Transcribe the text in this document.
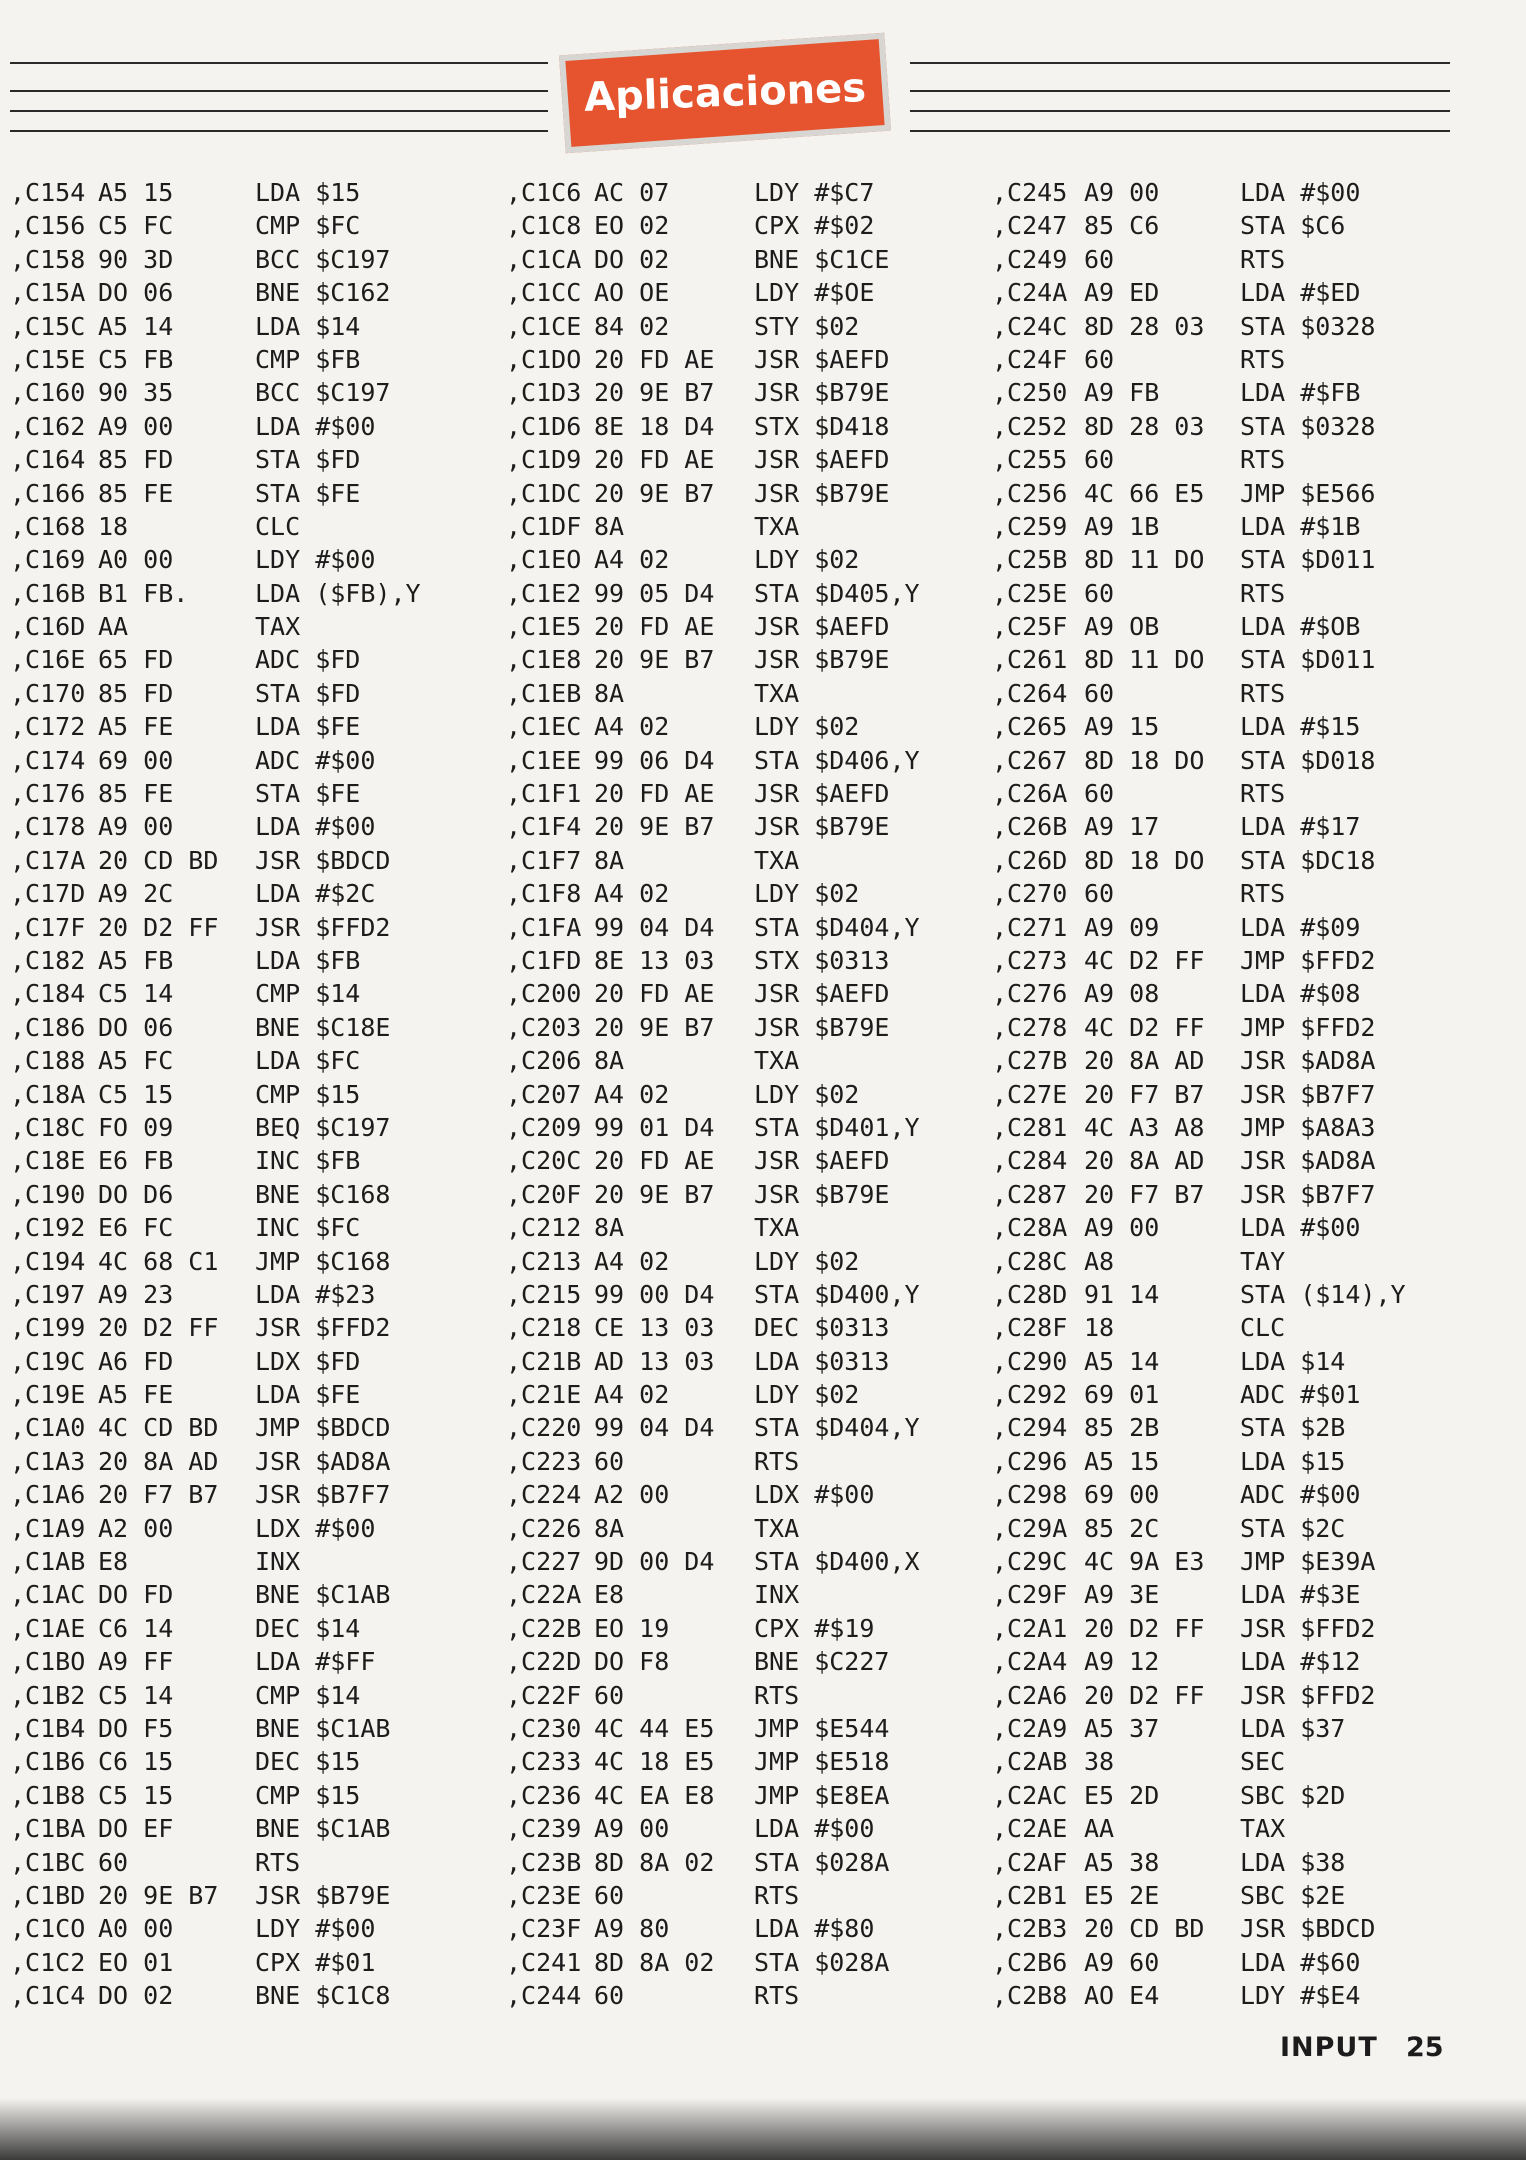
Aplicaciones
,C154 A5 15	LDA $15
,C156 C5 FC	CMP $FC
,C158 90 3D	BCC $C197
,C15A DO 06	BNE $C162
,C15C A5 14	LDA $14
,C15E C5 FB	CMP $FB
,C160 90 35	BCC $C197
,C162 A9 00	LDA #$00
,C164 85 FD	STA $FD
,C166 85 FE	STA $FE
,C168 18	CLC
,C169 A0 00	LDY #$00
,C16B B1 FB.	LDA ($FB),Y
,C16D AA	TAX
,C16E 65 FD	ADC $FD
,C170 85 FD	STA $FD
,C172 A5 FE	LDA $FE
,C174 69 00	ADC #$00
,C176 85 FE	STA $FE
,C178 A9 00	LDA #$00
,C17A 20 CD BD JSR $BDCD
,C17D A9 2C	LDA #$2C
,C17F 20 D2 FF JSR $FFD2
,C182 A5 FB	LDA $FB
,C184 C5 14	CMP $14
,C186 DO 06	BNE $C18E
,C188 A5 FC	LDA $FC
,C18A C5 15	CMP $15
,C18C FO 09	BEQ $C197
,C18E E6 FB	INC $FB
,C190 DO D6	BNE $C168
,C192 E6 FC	INC $FC
,C194 4C 68 C1 JMP $C168
,C197 A9 23	LDA #$23
,C199 20 D2 FF JSR $FFD2
,C19C A6 FD	LDX $FD
,C19E A5 FE	LDA $FE
,C1A0 4C CD BD JMP $BDCD
,C1A3 20 8A AD JSR $AD8A
,C1A6 20 F7 B7 JSR $B7F7
,C1A9 A2 00	LDX #$00
,C1AB E8	INX
,C1AC DO FD	BNE $C1AB
,C1AE C6 14	DEC $14
,C1BO A9 FF	LDA #$FF
,C1B2 C5 14	CMP $14
,C1B4 DO F5	BNE $C1AB
,C1B6 C6 15	DEC $15
,C1B8 C5 15	CMP $15
,C1BA DO EF	BNE $C1AB
,C1BC 60	RTS
,C1BD 20 9E B7 JSR $B79E
,C1CO A0 00	LDY #$00
,C1C2 EO 01	CPX #$01
,C1C4 DO 02	BNE $C1C8
,C1C6 AC 07	LDY #$C7
,C1C8 EO 02	CPX #$02
,C1CA DO 02	BNE $C1CE
,C1CC AO OE	LDY #$OE
,C1CE 84 02	STY $02
,C1DO 20 FD AE JSR $AEFD
,C1D3 20 9E B7 JSR $B79E
,C1D6 8E 18 D4 STX $D418
,C1D9 20 FD AE JSR $AEFD
,C1DC 20 9E B7 JSR $B79E
,C1DF 8A	TXA
,C1EO A4 02	LDY $02
,C1E2 99 05 D4 STA $D405,Y
,C1E5 20 FD AE JSR $AEFD
,C1E8 20 9E B7 JSR $B79E
,C1EB 8A	TXA
,C1EC A4 02	LDY $02
,C1EE 99 06 D4 STA $D406,Y
,C1F1 20 FD AE JSR $AEFD
,C1F4 20 9E B7 JSR $B79E
,C1F7 8A	TXA
,C1F8 A4 02	LDY $02
,C1FA 99 04 D4 STA $D404,Y
,C1FD 8E 13 03 STX $0313
,C200 20 FD AE JSR $AEFD
,C203 20 9E B7 JSR $B79E
,C206 8A	TXA
,C207 A4 02	LDY $02
,C209 99 01 D4 STA $D401,Y
,C20C 20 FD AE JSR $AEFD
,C20F 20 9E B7 JSR $B79E
,C212 8A	TXA
,C213 A4 02	LDY $02
,C215 99 00 D4 STA $D400,Y
,C218 CE 13 03 DEC $0313
,C21B AD 13 03 LDA $0313
,C21E A4 02	LDY $02
,C220 99 04 D4 STA $D404,Y
,C223 60	RTS
,C224 A2 00	LDX #$00
,C226 8A	TXA
,C227 9D 00 D4 STA $D400,X
,C22A E8	INX
,C22B EO 19	CPX #$19
,C22D DO F8	BNE $C227
,C22F 60	RTS
,C230 4C 44 E5 JMP $E544
,C233 4C 18 E5 JMP $E518
,C236 4C EA E8 JMP $E8EA
,C239 A9 00	LDA #$00
,C23B 8D 8A 02 STA $028A
,C23E 60	RTS
,C23F A9 80	LDA #$80
,C241 8D 8A 02 STA $028A
,C244 60	RTS
,C245 A9 00	LDA #$00
,C247 85 C6	STA $C6
,C249 60	RTS
,C24A A9 ED	LDA #$ED
,C24C 8D 28 03 STA $0328
,C24F 60	RTS
,C250 A9 FB	LDA #$FB
,C252 8D 28 03 STA $0328
,C255 60	RTS
,C256 4C 66 E5 JMP $E566
,C259 A9 1B	LDA #$1B
,C25B 8D 11 DO STA $D011
,C25E 60	RTS
,C25F A9 OB	LDA #$OB
,C261 8D 11 DO STA $D011
,C264 60	RTS
,C265 A9 15	LDA #$15
,C267 8D 18 DO STA $D018
,C26A 60	RTS
,C26B A9 17	LDA #$17
,C26D 8D 18 DO STA $DC18
,C270 60	RTS
,C271 A9 09	LDA #$09
,C273 4C D2 FF JMP $FFD2
,C276 A9 08	LDA #$08
,C278 4C D2 FF JMP $FFD2
,C27B 20 8A AD JSR $AD8A
,C27E 20 F7 B7 JSR $B7F7
,C281 4C A3 A8 JMP $A8A3
,C284 20 8A AD JSR $AD8A
,C287 20 F7 B7 JSR $B7F7
,C28A A9 00	LDA #$00
,C28C A8	TAY
,C28D 91 14	STA ($14),Y
,C28F 18	CLC
,C290 A5 14	LDA $14
,C292 69 01	ADC #$01
,C294 85 2B	STA $2B
,C296 A5 15	LDA $15
,C298 69 00	ADC #$00
,C29A 85 2C	STA $2C
,C29C 4C 9A E3 JMP $E39A
,C29F A9 3E	LDA #$3E
,C2A1 20 D2 FF JSR $FFD2
,C2A4 A9 12	LDA #$12
,C2A6 20 D2 FF JSR $FFD2
,C2A9 A5 37	LDA $37
,C2AB 38	SEC
,C2AC E5 2D	SBC $2D
,C2AE AA	TAX
,C2AF A5 38	LDA $38
,C2B1 E5 2E	SBC $2E
,C2B3 20 CD BD JSR $BDCD
,C2B6 A9 60	LDA #$60
,C2B8 AO E4	LDY #$E4
INPUT 25
